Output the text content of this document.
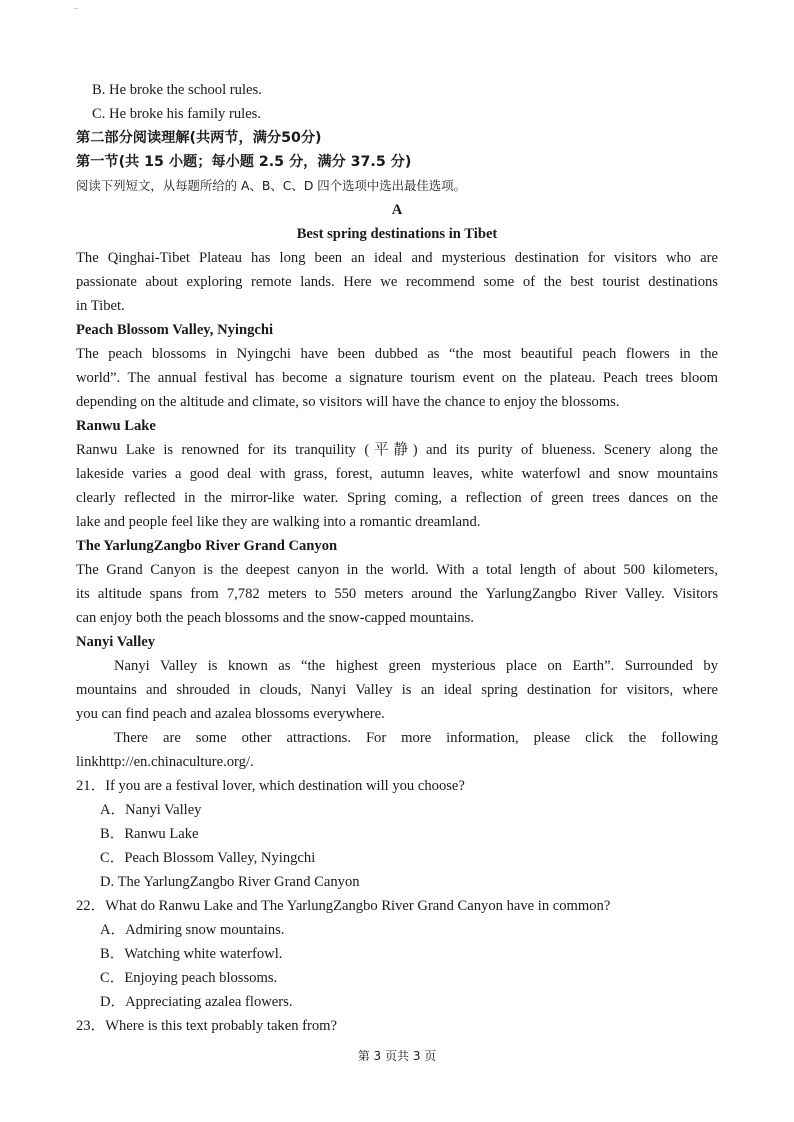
B. He broke the school rules.
C. He broke his family rules.
第二部分阅读理解(共两节，满分50分)
第一节(共 15 小题；每小题 2.5 分，满分 37.5 分)
阅读下列短文，从每题所给的 A、B、C、D 四个选项中选出最佳选项。
A
Best spring destinations in Tibet
The Qinghai-Tibet Plateau has long been an ideal and mysterious destination for visitors who are
passionate about exploring remote lands. Here we recommend some of the best tourist destinations
in Tibet.
Peach Blossom Valley, Nyingchi
The peach blossoms in Nyingchi have been dubbed as “the most beautiful peach flowers in the
world”. The annual festival has become a signature tourism event on the plateau. Peach trees bloom
depending on the altitude and climate, so visitors will have the chance to enjoy the blossoms.
Ranwu Lake
Ranwu Lake is renowned for its tranquility (平静) and its purity of blueness. Scenery along the
lakeside varies a good deal with grass, forest, autumn leaves, white waterfowl and snow mountains
clearly reflected in the mirror-like water. Spring coming, a reflection of green trees dances on the
lake and people feel like they are walking into a romantic dreamland.
The YarlungZangbo River Grand Canyon
The Grand Canyon is the deepest canyon in the world. With a total length of about 500 kilometers,
its altitude spans from 7,782 meters to 550 meters around the YarlungZangbo River Valley. Visitors
can enjoy both the peach blossoms and the snow-capped mountains.
Nanyi Valley
Nanyi Valley is known as “the highest green mysterious place on Earth”. Surrounded by
mountains and shrouded in clouds, Nanyi Valley is an ideal spring destination for visitors, where
you can find peach and azalea blossoms everywhere.
There are some other attractions. For more information, please click the following
linkhttp://en.chinaculture.org/.
21．If you are a festival lover, which destination will you choose?
A．Nanyi Valley
B．Ranwu Lake
C．Peach Blossom Valley, Nyingchi
D. The YarlungZangbo River Grand Canyon
22．What do Ranwu Lake and The YarlungZangbo River Grand Canyon have in common?
A．Admiring snow mountains.
B．Watching white waterfowl.
C．Enjoying peach blossoms.
D．Appreciating azalea flowers.
23．Where is this text probably taken from?
第 3 页共 3 页
